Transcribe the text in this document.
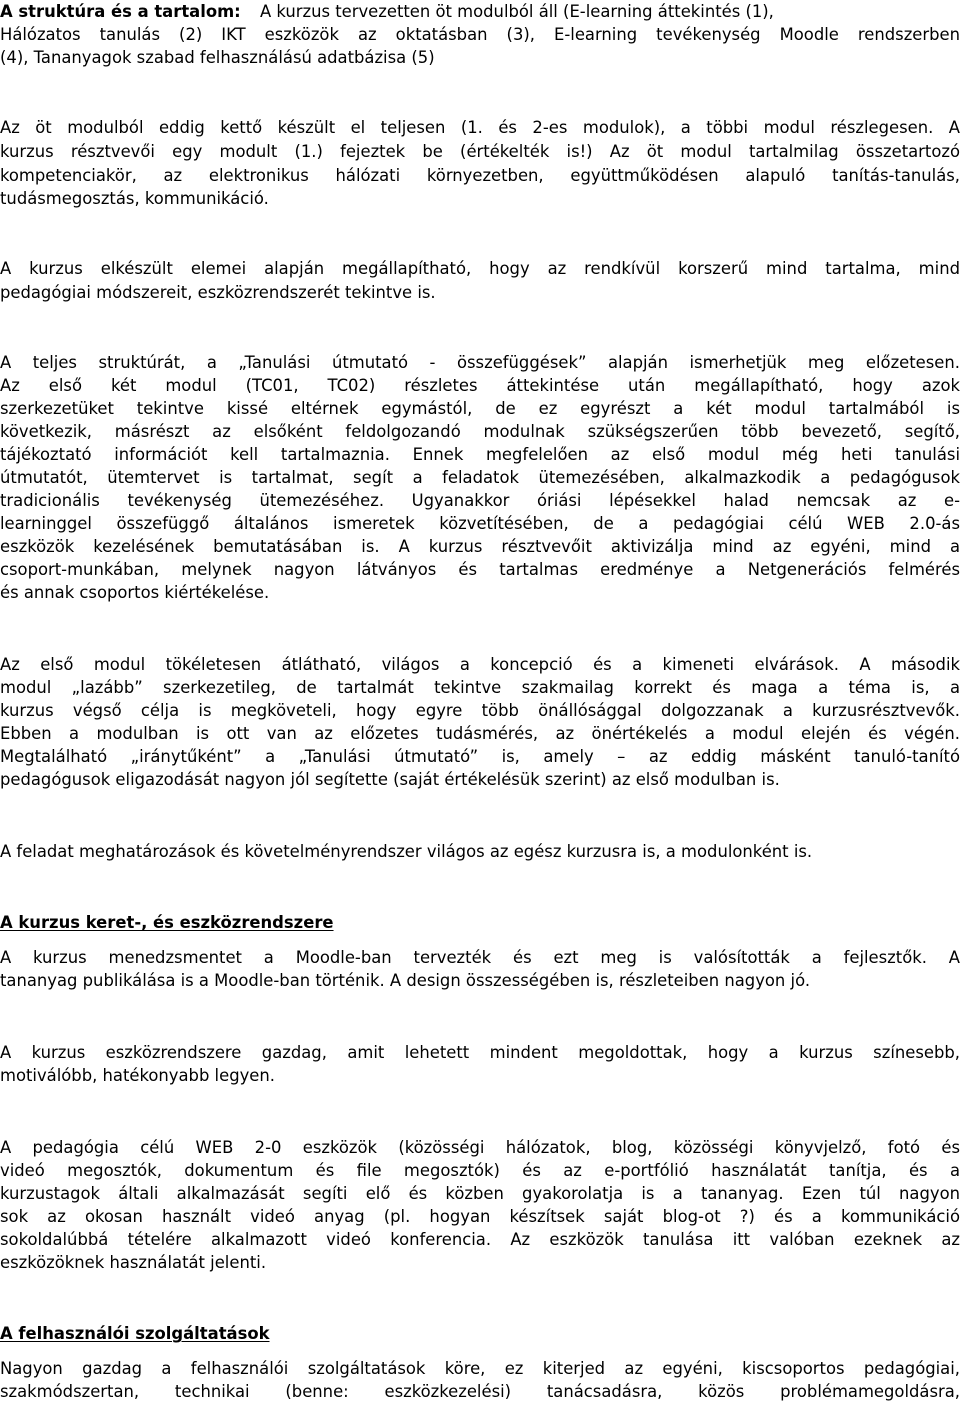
A struktúra és a tartalom: A kurzus tervezetten öt modulból áll (E-learning áttekintés (1),
Hálózatos tanulás (2) IKT eszközök az oktatásban (3), E-learning tevékenység Moodle rendszerben
(4), Tananyagok szabad felhasználású adatbázisa (5)
Az öt modulból eddig kettő készült el teljesen (1. és 2-es modulok), a többi modul részlegesen. A
kurzus résztvevői egy modult (1.) fejeztek be (értékelték is!) Az öt modul tartalmilag összetartozó
kompetenciakör, az elektronikus hálózati környezetben, együttműködésen alapuló tanítás-tanulás,
tudásmegosztás, kommunikáció.
A kurzus elkészült elemei alapján megállapítható, hogy az rendkívül korszerű mind tartalma, mind
pedagógiai módszereit, eszközrendszerét tekintve is.
A teljes struktúrát, a „Tanulási útmutató - összefüggések” alapján ismerhetjük meg előzetesen.
Az első két modul (TC01, TC02) részletes áttekintése után megállapítható, hogy azok
szerkezetüket tekintve kissé eltérnek egymástól, de ez egyrészt a két modul tartalmából is
következik, másrészt az elsőként feldolgozandó modulnak szükségszerűen több bevezető, segítő,
tájékoztató információt kell tartalmaznia. Ennek megfelelően az első modul még heti tanulási
útmutatót, ütemtervet is tartalmat, segít a feladatok ütemezésében, alkalmazkodik a pedagógusok
tradicionális tevékenység ütemezéséhez. Ugyanakkor óriási lépésekkel halad nemcsak az e-
learninggel összefüggő általános ismeretek közvetítésében, de a pedagógiai célú WEB 2.0-ás
eszközök kezelésének bemutatásában is. A kurzus résztvevőit aktivizálja mind az egyéni, mind a
csoport-munkában, melynek nagyon látványos és tartalmas eredménye a Netgenerációs felmérés
és annak csoportos kiértékelése.
Az első modul tökéletesen átlátható, világos a koncepció és a kimeneti elvárások. A második
modul „lazább” szerkezetileg, de tartalmát tekintve szakmailag korrekt és maga a téma is, a
kurzus végső célja is megköveteli, hogy egyre több önállósággal dolgozzanak a kurzusrésztvevők.
Ebben a modulban is ott van az előzetes tudásmérés, az önértékelés a modul elején és végén.
Megtalálható „iránytűként” a „Tanulási útmutató” is, amely – az eddig másként tanuló-tanító
pedagógusok eligazodását nagyon jól segítette (saját értékelésük szerint) az első modulban is.
A feladat meghatározások és követelményrendszer világos az egész kurzusra is, a modulonként is.
A kurzus keret-, és eszközrendszere
A kurzus menedzsmentet a Moodle-ban tervezték és ezt meg is valósították a fejlesztők. A
tananyag publikálása is a Moodle-ban történik. A design összességében is, részleteiben nagyon jó.
A kurzus eszközrendszere gazdag, amit lehetett mindent megoldottak, hogy a kurzus színesebb,
motiválóbb, hatékonyabb legyen.
A pedagógia célú WEB 2-0 eszközök (közösségi hálózatok, blog, közösségi könyvjelző, fotó és
videó megosztók, dokumentum és file megosztók) és az e-portfólió használatát tanítja, és a
kurzustagok általi alkalmazását segíti elő és közben gyakorolatja is a tananyag. Ezen túl nagyon
sok az okosan használt videó anyag (pl. hogyan készítsek saját blog-ot ?) és a kommunikáció
sokoldalúbbá tételére alkalmazott videó konferencia. Az eszközök tanulása itt valóban ezeknek az
eszközöknek használatát jelenti.
A felhasználói szolgáltatások
Nagyon gazdag a felhasználói szolgáltatások köre, ez kiterjed az egyéni, kiscsoportos pedagógiai,
szakmódszertan, technikai (benne: eszközkezelési) tanácsadásra, közös problémamegoldásra,
